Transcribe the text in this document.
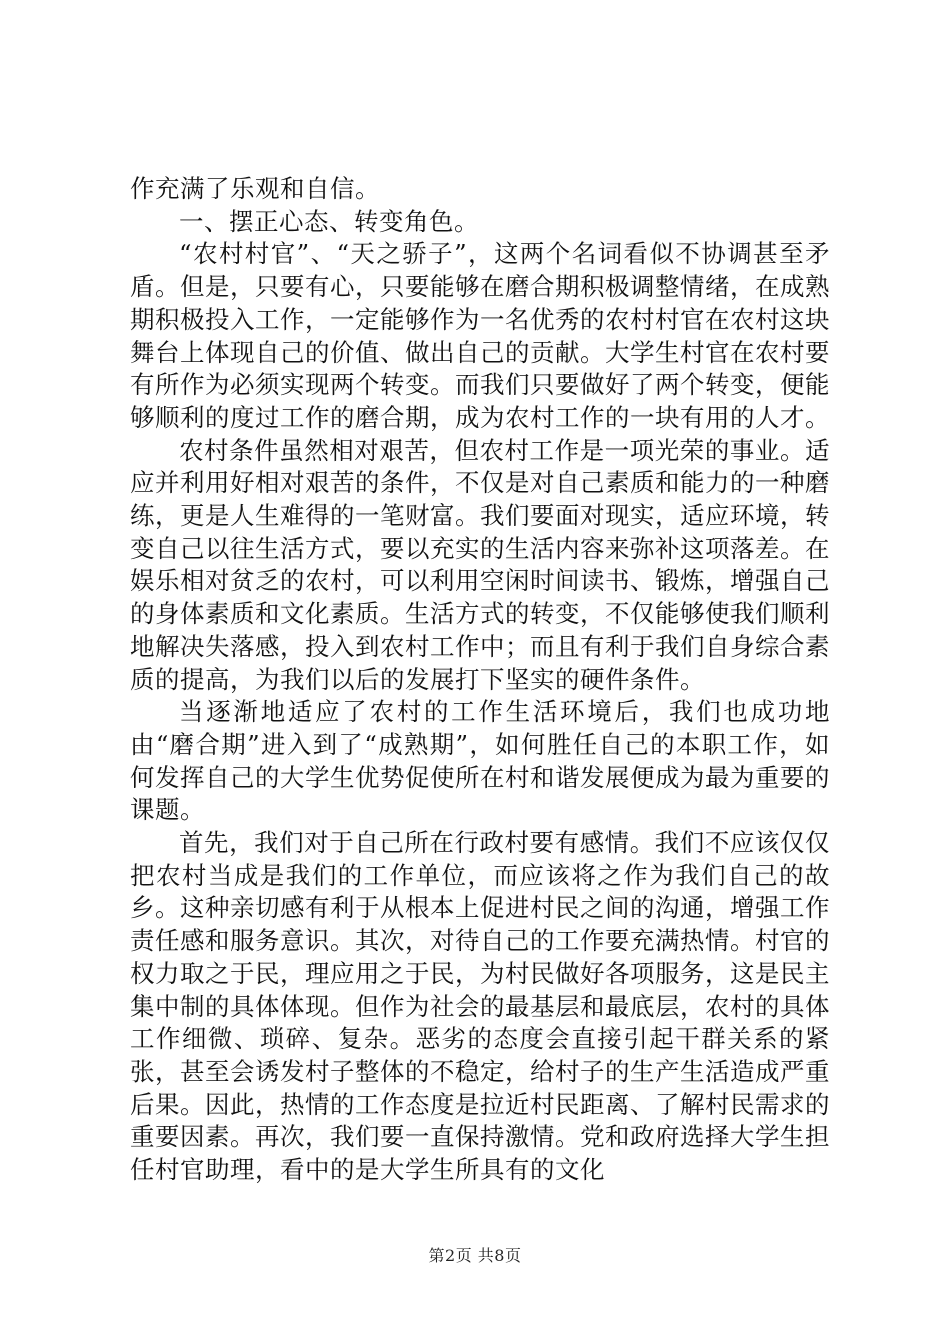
作充满了乐观和自信。

一、摆正心态、转变角色。

“农村村官”、“天之骄子”，这两个名词看似不协调甚至矛盾。但是，只要有心，只要能够在磨合期积极调整情绪，在成熟期积极投入工作，一定能够作为一名优秀的农村村官在农村这块舞台上体现自己的价值、做出自己的贡献。大学生村官在农村要有所作为必须实现两个转变。而我们只要做好了两个转变，便能够顺利的度过工作的磨合期，成为农村工作的一块有用的人才。

农村条件虽然相对艰苦，但农村工作是一项光荣的事业。适应并利用好相对艰苦的条件，不仅是对自己素质和能力的一种磨练，更是人生难得的一笔财富。我们要面对现实，适应环境，转变自己以往生活方式，要以充实的生活内容来弥补这项落差。在娱乐相对贫乏的农村，可以利用空闲时间读书、锻炼，增强自己的身体素质和文化素质。生活方式的转变，不仅能够使我们顺利地解决失落感，投入到农村工作中；而且有利于我们自身综合素质的提高，为我们以后的发展打下坚实的硬件条件。

当逐渐地适应了农村的工作生活环境后，我们也成功地由“磨合期”进入到了“成熟期”，如何胜任自己的本职工作，如何发挥自己的大学生优势促使所在村和谐发展便成为最为重要的课题。

首先，我们对于自己所在行政村要有感情。我们不应该仅仅把农村当成是我们的工作单位，而应该将之作为我们自己的故乡。这种亲切感有利于从根本上促进村民之间的沟通，增强工作责任感和服务意识。其次，对待自己的工作要充满热情。村官的权力取之于民，理应用之于民，为村民做好各项服务，这是民主集中制的具体体现。但作为社会的最基层和最底层，农村的具体工作细微、琐碎、复杂。恶劣的态度会直接引起干群关系的紧张，甚至会诱发村子整体的不稳定，给村子的生产生活造成严重后果。因此，热情的工作态度是拉近村民距离、了解村民需求的重要因素。再次，我们要一直保持激情。党和政府选择大学生担任村官助理，看中的是大学生所具有的文化

第2页 共8页
